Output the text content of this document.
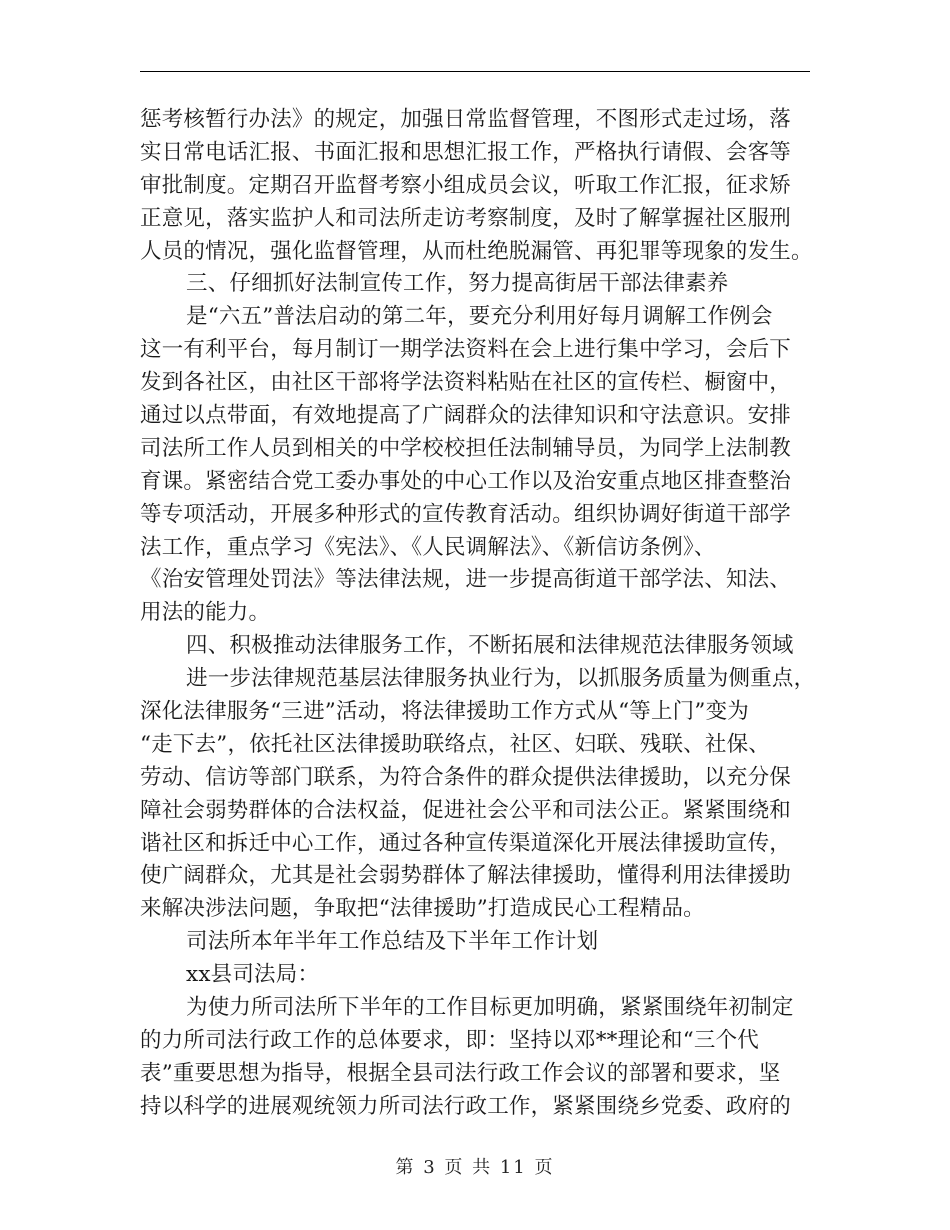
惩考核暂行办法》的规定，加强日常监督管理，不图形式走过场，落
实日常电话汇报、书面汇报和思想汇报工作，严格执行请假、会客等
审批制度。定期召开监督考察小组成员会议，听取工作汇报，征求矫
正意见，落实监护人和司法所走访考察制度，及时了解掌握社区服刑
人员的情况，强化监督管理，从而杜绝脱漏管、再犯罪等现象的发生。
三、仔细抓好法制宣传工作，努力提高街居干部法律素养
是“六五”普法启动的第二年，要充分利用好每月调解工作例会
这一有利平台，每月制订一期学法资料在会上进行集中学习，会后下
发到各社区，由社区干部将学法资料粘贴在社区的宣传栏、橱窗中，
通过以点带面，有效地提高了广阔群众的法律知识和守法意识。安排
司法所工作人员到相关的中学校校担任法制辅导员，为同学上法制教
育课。紧密结合党工委办事处的中心工作以及治安重点地区排查整治
等专项活动，开展多种形式的宣传教育活动。组织协调好街道干部学
法工作，重点学习《宪法》、《人民调解法》、《新信访条例》、
《治安管理处罚法》等法律法规，进一步提高街道干部学法、知法、
用法的能力。
四、积极推动法律服务工作，不断拓展和法律规范法律服务领域
进一步法律规范基层法律服务执业行为，以抓服务质量为侧重点，
深化法律服务“三进”活动，将法律援助工作方式从“等上门”变为
“走下去”，依托社区法律援助联络点，社区、妇联、残联、社保、
劳动、信访等部门联系，为符合条件的群众提供法律援助，以充分保
障社会弱势群体的合法权益，促进社会公平和司法公正。紧紧围绕和
谐社区和拆迁中心工作，通过各种宣传渠道深化开展法律援助宣传，
使广阔群众，尤其是社会弱势群体了解法律援助，懂得利用法律援助
来解决涉法问题，争取把“法律援助”打造成民心工程精品。
司法所本年半年工作总结及下半年工作计划
xx县司法局：
为使力所司法所下半年的工作目标更加明确，紧紧围绕年初制定
的力所司法行政工作的总体要求，即：坚持以邓**理论和“三个代
表”重要思想为指导，根据全县司法行政工作会议的部署和要求，坚
持以科学的进展观统领力所司法行政工作，紧紧围绕乡党委、政府的
第 3 页 共 11 页
